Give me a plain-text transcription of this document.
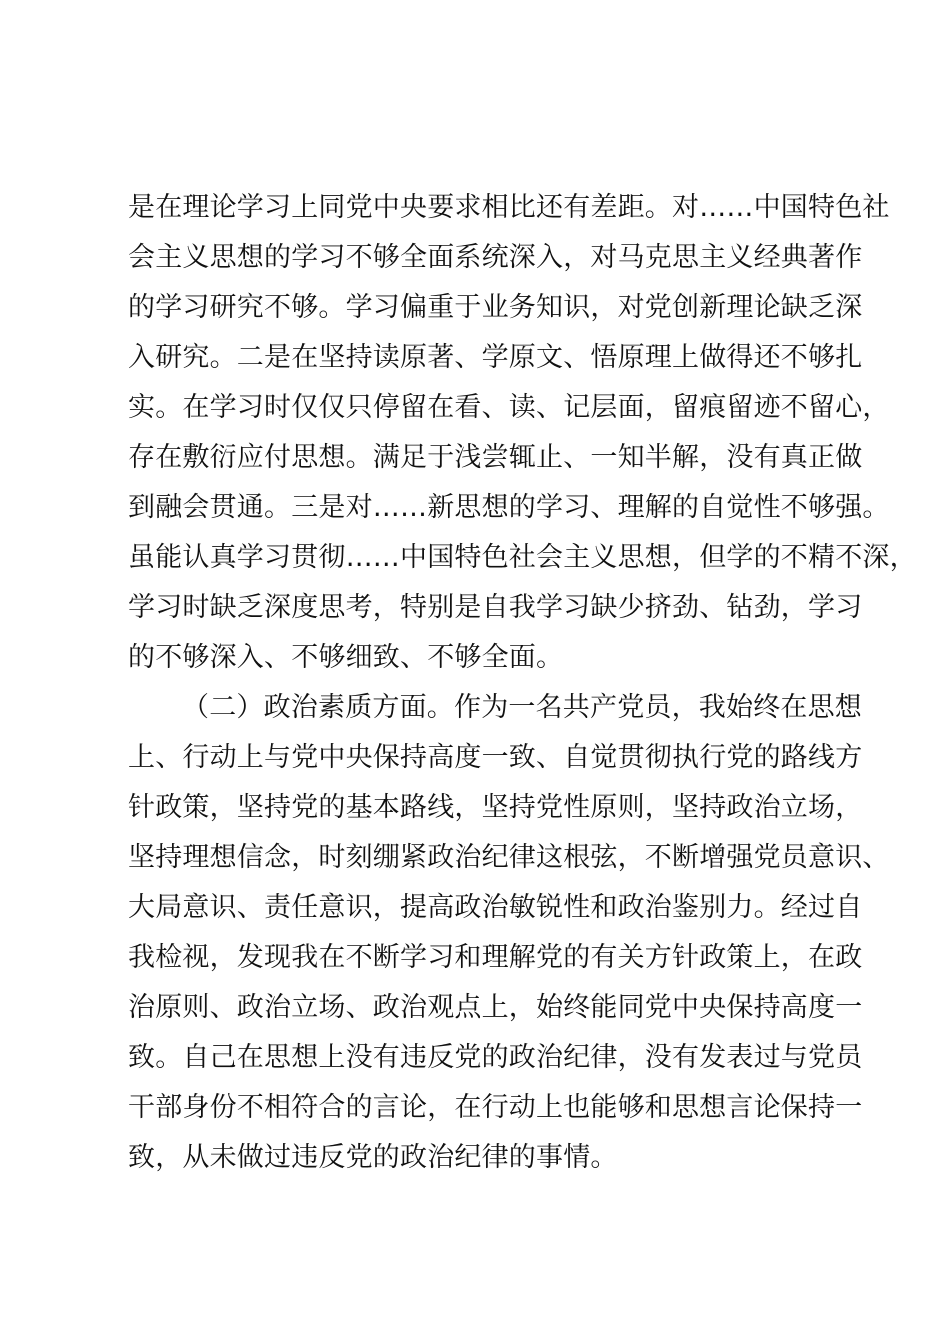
是在理论学习上同党中央要求相比还有差距。对……中国特色社
会主义思想的学习不够全面系统深入，对马克思主义经典著作
的学习研究不够。学习偏重于业务知识，对党创新理论缺乏深
入研究。二是在坚持读原著、学原文、悟原理上做得还不够扎
实。在学习时仅仅只停留在看、读、记层面，留痕留迹不留心，
存在敷衍应付思想。满足于浅尝辄止、一知半解，没有真正做
到融会贯通。三是对……新思想的学习、理解的自觉性不够强。
虽能认真学习贯彻……中国特色社会主义思想，但学的不精不深，
学习时缺乏深度思考，特别是自我学习缺少挤劲、钻劲，学习
的不够深入、不够细致、不够全面。
（二）政治素质方面。作为一名共产党员，我始终在思想
上、行动上与党中央保持高度一致、自觉贯彻执行党的路线方
针政策，坚持党的基本路线，坚持党性原则，坚持政治立场，
坚持理想信念，时刻绷紧政治纪律这根弦，不断增强党员意识、
大局意识、责任意识，提高政治敏锐性和政治鉴别力。经过自
我检视，发现我在不断学习和理解党的有关方针政策上，在政
治原则、政治立场、政治观点上，始终能同党中央保持高度一
致。自己在思想上没有违反党的政治纪律，没有发表过与党员
干部身份不相符合的言论，在行动上也能够和思想言论保持一
致，从未做过违反党的政治纪律的事情。
